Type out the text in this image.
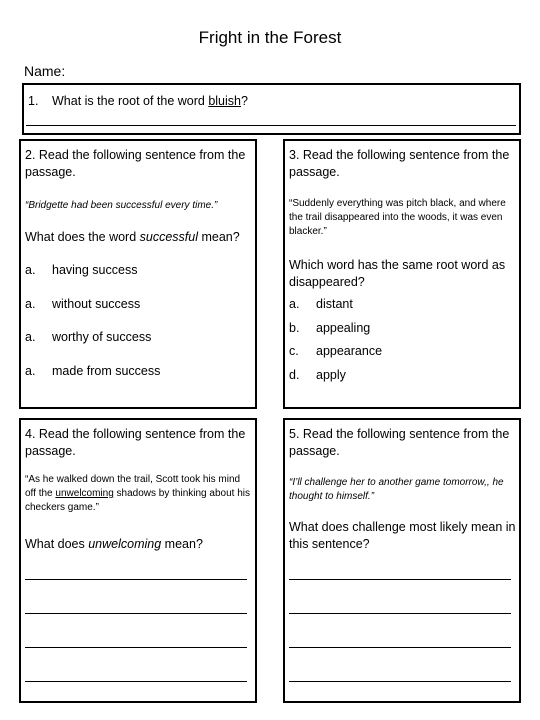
Fright in the Forest
Name:
1. What is the root of the word bluish?
2. Read the following sentence from the passage.
“Bridgette had been successful every time.”
What does the word successful mean?
a. having success
a. without success
a. worthy of success
a. made from success
3. Read the following sentence from the passage.
“Suddenly everything was pitch black, and where the trail disappeared into the woods, it was even blacker.”
Which word has the same root word as disappeared?
a. distant
b. appealing
c. appearance
d. apply
4. Read the following sentence from the passage.
“As he walked down the trail, Scott took his mind off the unwelcoming shadows by thinking about his checkers game.”
What does unwelcoming mean?
5. Read the following sentence from the passage.
“I’ll challenge her to another game tomorrow,, he thought to himself.”
What does challenge most likely mean in this sentence?
